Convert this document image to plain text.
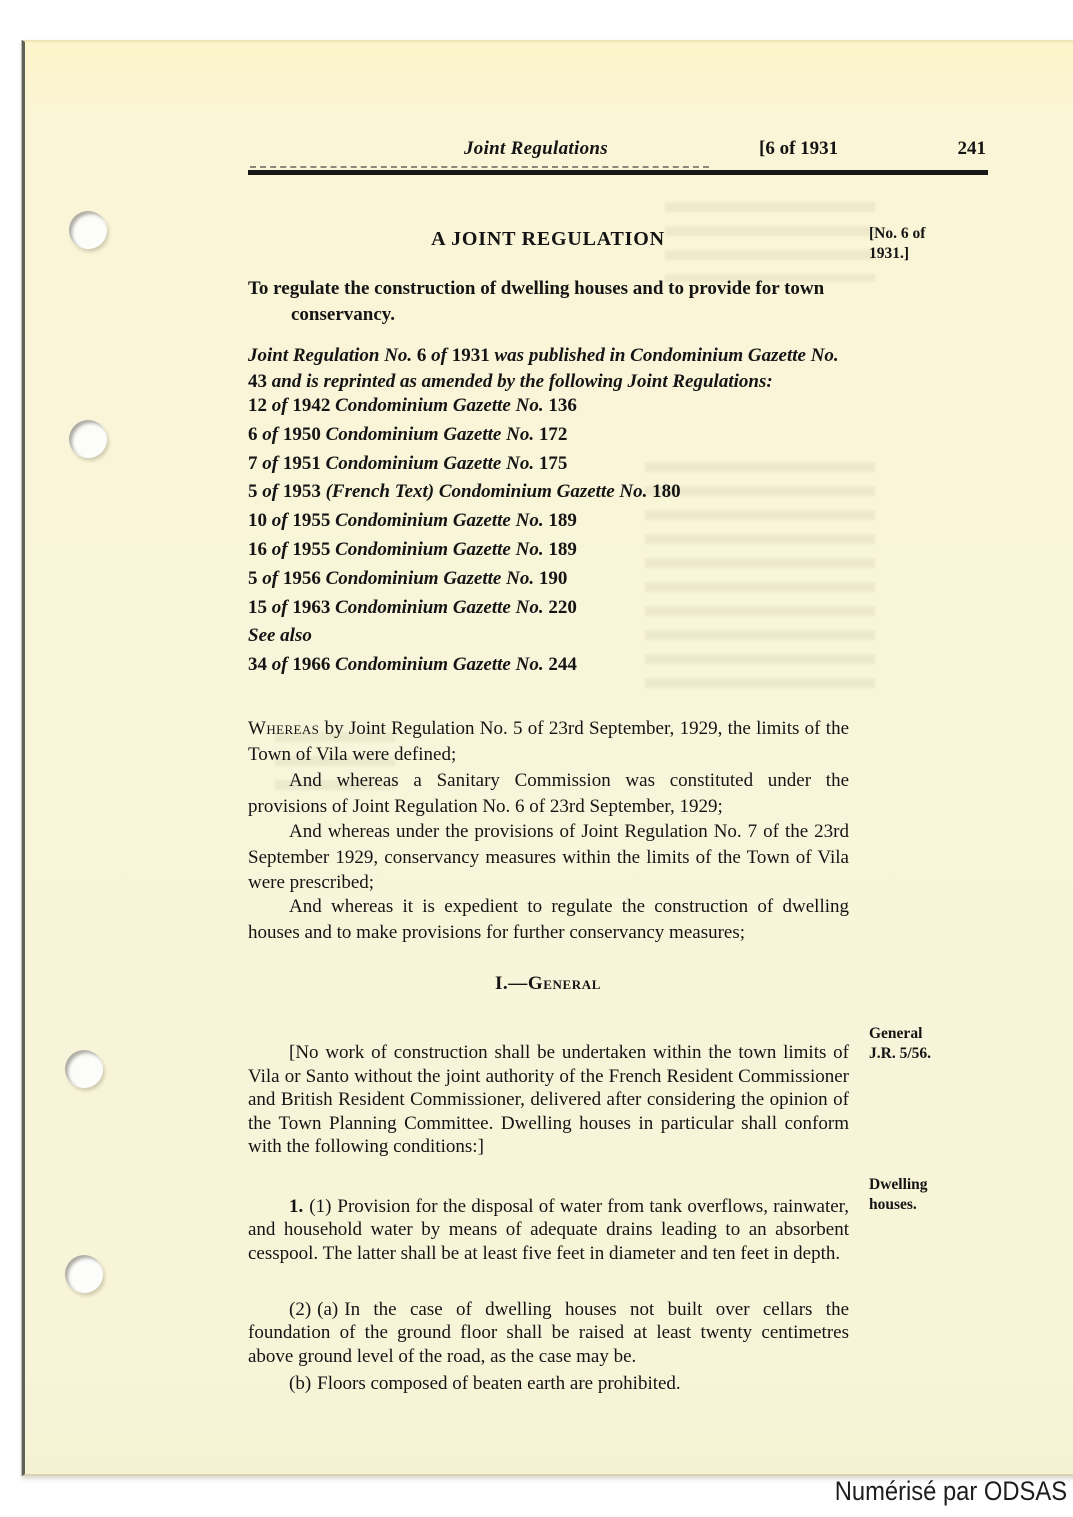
Joint Regulations	[6 of 1931	241
[No. 6 of
1931.]
General
J.R. 5/56.
Dwelling
houses.
A JOINT REGULATION
To regulate the construction of dwelling houses and to provide for town conservancy.
Joint Regulation No. 6 of 1931 was published in Condominium Gazette No. 43 and is reprinted as amended by the following Joint Regulations:
12 of 1942 Condominium Gazette No. 136
6 of 1950 Condominium Gazette No. 172
7 of 1951 Condominium Gazette No. 175
5 of 1953 (French Text) Condominium Gazette No. 180
10 of 1955 Condominium Gazette No. 189
16 of 1955 Condominium Gazette No. 189
5 of 1956 Condominium Gazette No. 190
15 of 1963 Condominium Gazette No. 220
See also
34 of 1966 Condominium Gazette No. 244

Whereas by Joint Regulation No. 5 of 23rd September, 1929, the limits of the Town of Vila were defined;

And whereas a Sanitary Commission was constituted under the provisions of Joint Regulation No. 6 of 23rd September, 1929;

And whereas under the provisions of Joint Regulation No. 7 of the 23rd September 1929, conservancy measures within the limits of the Town of Vila were prescribed;

And whereas it is expedient to regulate the construction of dwelling houses and to make provisions for further conservancy measures;

I.—General

[No work of construction shall be undertaken within the town limits of Vila or Santo without the joint authority of the French Resident Commissioner and British Resident Commissioner, delivered after considering the opinion of the Town Planning Committee. Dwelling houses in particular shall conform with the following conditions:]

1. (1) Provision for the disposal of water from tank overflows, rainwater, and household water by means of adequate drains leading to an absorbent cesspool. The latter shall be at least five feet in diameter and ten feet in depth.

(2) (a) In the case of dwelling houses not built over cellars the foundation of the ground floor shall be raised at least twenty centimetres above ground level of the road, as the case may be.

(b) Floors composed of beaten earth are prohibited.

Numérisé par ODSAS
